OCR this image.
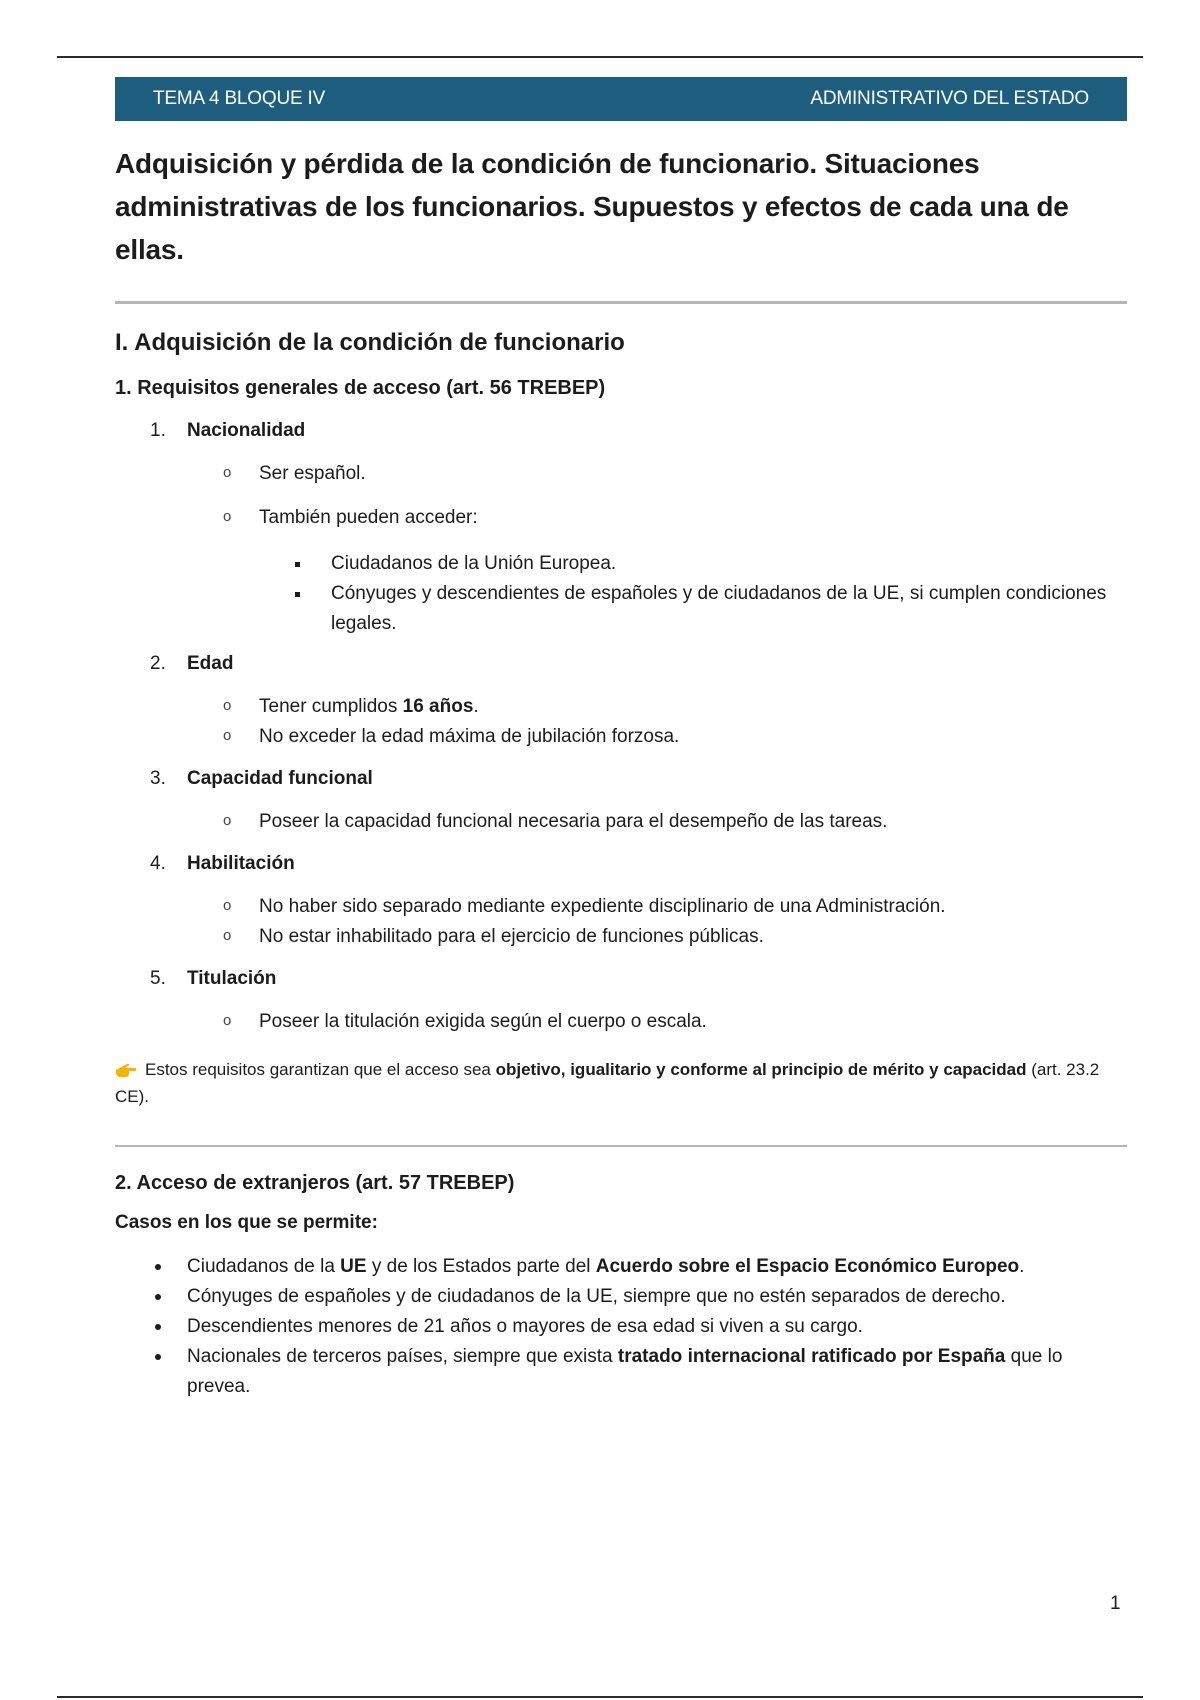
TEMA 4 BLOQUE IV	ADMINISTRATIVO DEL ESTADO
Adquisición y pérdida de la condición de funcionario. Situaciones administrativas de los funcionarios. Supuestos y efectos de cada una de ellas.
I. Adquisición de la condición de funcionario
1. Requisitos generales de acceso (art. 56 TREBEP)
1. Nacionalidad

o Ser español.

o También pueden acceder:

Ciudadanos de la Unión Europea.

Cónyuges y descendientes de españoles y de ciudadanos de la UE, si cumplen condiciones legales.

2. Edad

o Tener cumplidos 16 años.

o No exceder la edad máxima de jubilación forzosa.

3. Capacidad funcional

o Poseer la capacidad funcional necesaria para el desempeño de las tareas.

4. Habilitación

o No haber sido separado mediante expediente disciplinario de una Administración.

o No estar inhabilitado para el ejercicio de funciones públicas.

5. Titulación

o Poseer la titulación exigida según el cuerpo o escala.

Estos requisitos garantizan que el acceso sea objetivo, igualitario y conforme al principio de mérito y capacidad (art. 23.2 CE).

2. Acceso de extranjeros (art. 57 TREBEP)

Casos en los que se permite:

Ciudadanos de la UE y de los Estados parte del Acuerdo sobre el Espacio Económico Europeo.

Cónyuges de españoles y de ciudadanos de la UE, siempre que no estén separados de derecho.

Descendientes menores de 21 años o mayores de esa edad si viven a su cargo.

Nacionales de terceros países, siempre que exista tratado internacional ratificado por España que lo prevea.

1
